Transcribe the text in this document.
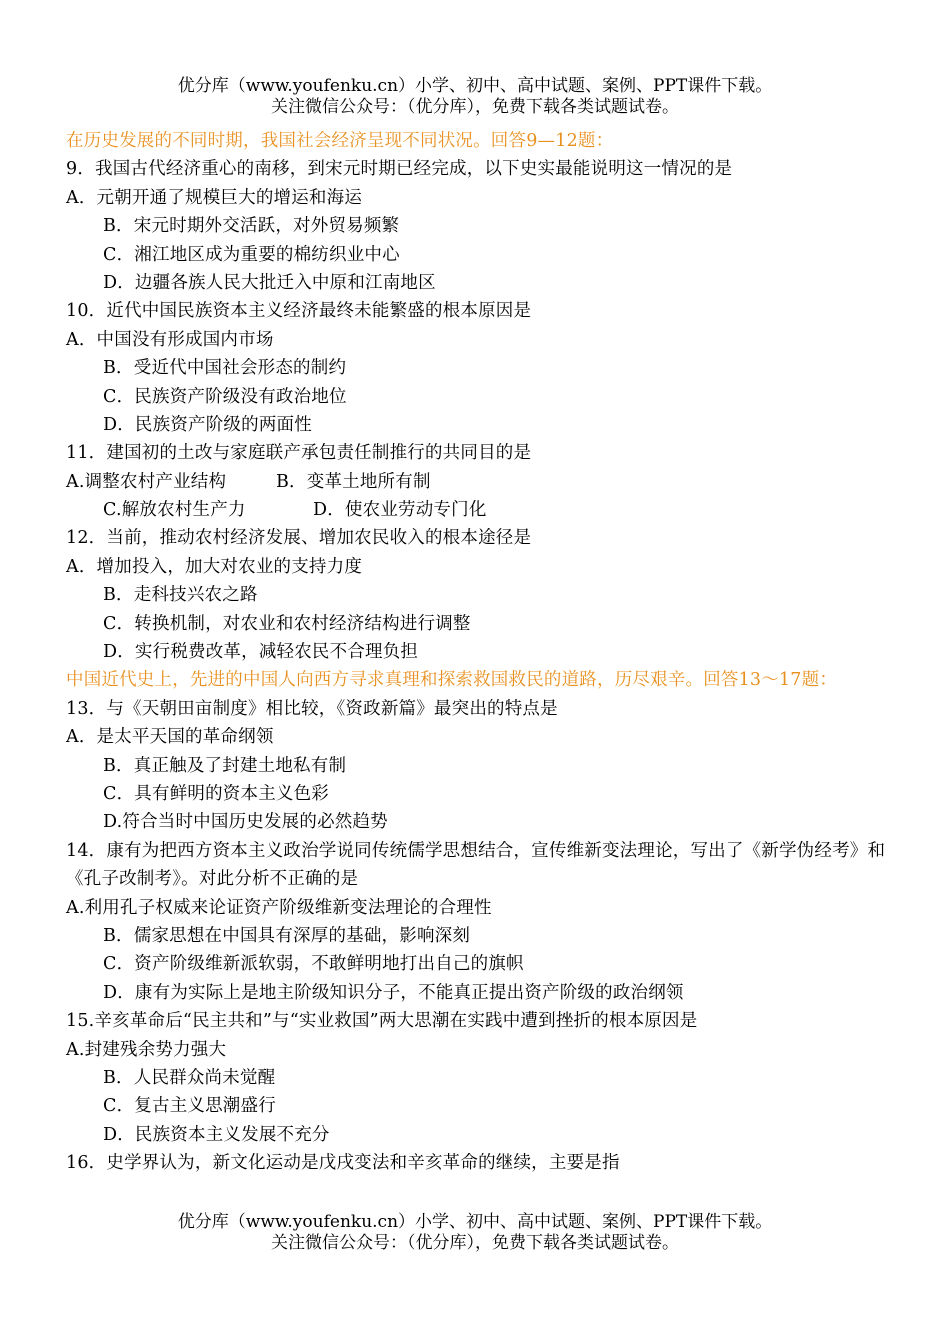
优分库（www.youfenku.cn）小学、初中、高中试题、案例、PPT课件下载。
关注微信公众号：（优分库），免费下载各类试题试卷。
在历史发展的不同时期，我国社会经济呈现不同状况。回答9—12题：
9．我国古代经济重心的南移，到宋元时期已经完成，以下史实最能说明这一情况的是
A．元朝开通了规模巨大的增运和海运
B．宋元时期外交活跃，对外贸易频繁
C．湘江地区成为重要的棉纺织业中心
D．边疆各族人民大批迁入中原和江南地区
10．近代中国民族资本主义经济最终未能繁盛的根本原因是
A．中国没有形成国内市场
B．受近代中国社会形态的制约
C．民族资产阶级没有政治地位
D．民族资产阶级的两面性
11．建国初的土改与家庭联产承包责任制推行的共同目的是
A.调整农村产业结构	B．变革土地所有制
C.解放农村生产力	D．使农业劳动专门化
12．当前，推动农村经济发展、增加农民收入的根本途径是
A．增加投入，加大对农业的支持力度
B．走科技兴农之路
C．转换机制，对农业和农村经济结构进行调整
D．实行税费改革，减轻农民不合理负担
中国近代史上，先进的中国人向西方寻求真理和探索救国救民的道路，历尽艰辛。回答13～17题：
13．与《天朝田亩制度》相比较，《资政新篇》最突出的特点是
A．是太平天国的革命纲领
B．真正触及了封建土地私有制
C．具有鲜明的资本主义色彩
D.符合当时中国历史发展的必然趋势
14．康有为把西方资本主义政治学说同传统儒学思想结合，宣传维新变法理论，写出了《新学伪经考》和《孔子改制考》。对此分析不正确的是
A.利用孔子权威来论证资产阶级维新变法理论的合理性
B．儒家思想在中国具有深厚的基础，影响深刻
C．资产阶级维新派软弱，不敢鲜明地打出自己的旗帜
D．康有为实际上是地主阶级知识分子，不能真正提出资产阶级的政治纲领
15.辛亥革命后“民主共和”与“实业救国”两大思潮在实践中遭到挫折的根本原因是
A.封建残余势力强大
B．人民群众尚未觉醒
C．复古主义思潮盛行
D．民族资本主义发展不充分
16．史学界认为，新文化运动是戊戌变法和辛亥革命的继续，主要是指
优分库（www.youfenku.cn）小学、初中、高中试题、案例、PPT课件下载。
关注微信公众号：（优分库），免费下载各类试题试卷。
